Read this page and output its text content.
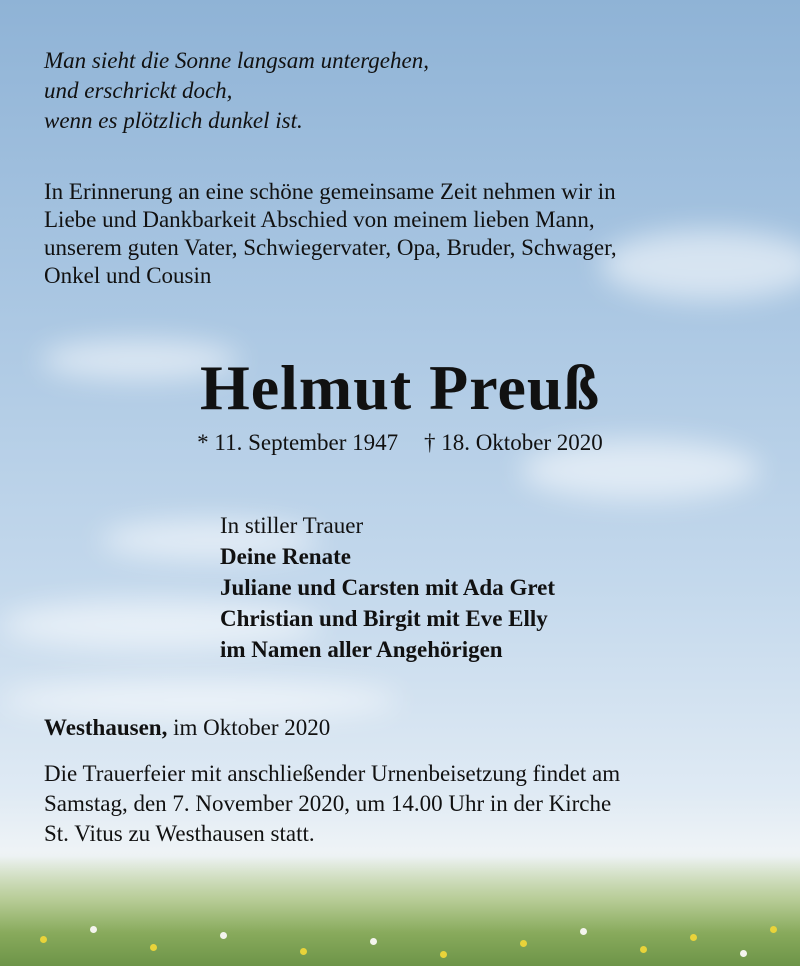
Man sieht die Sonne langsam untergehen,
und erschrickt doch,
wenn es plötzlich dunkel ist.
In Erinnerung an eine schöne gemeinsame Zeit nehmen wir in
Liebe und Dankbarkeit Abschied von meinem lieben Mann,
unserem guten Vater, Schwiegervater, Opa, Bruder, Schwager,
Onkel und Cousin
Helmut Preuß
* 11. September 1947 † 18. Oktober 2020
In stiller Trauer
Deine Renate
Juliane und Carsten mit Ada Gret
Christian und Birgit mit Eve Elly
im Namen aller Angehörigen
Westhausen, im Oktober 2020
Die Trauerfeier mit anschließender Urnenbeisetzung findet am
Samstag, den 7. November 2020, um 14.00 Uhr in der Kirche
St. Vitus zu Westhausen statt.
